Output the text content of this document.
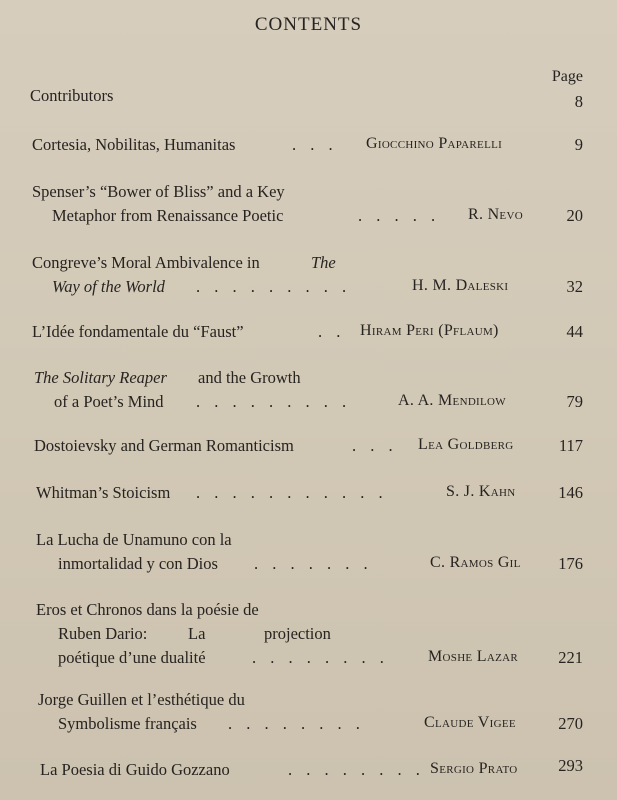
CONTENTS
Page
Contributors	8
Cortesia, Nobilitas, Humanitas	. . . Giocchino Paparelli	9
Spenser’s “Bower of Bliss” and a Key
Metaphor from Renaissance Poetic	. . . . . R. Nevo	20
Congreve’s Moral Ambivalence in	The
Way of the World . . . . . . . . .	H. M. Daleski	32
L’Idée fondamentale du “Faust”	. . Hiram Peri (Pflaum)	44
The Solitary Reaper and the Growth
of a Poet’s Mind . . . . . . . . .	A. A. Mendilow	79
Dostoievsky and German Romanticism	. . . Lea Goldberg	117
Whitman’s Stoicism . . . . . . . . . . .	S. J. Kahn	146
La Lucha de Unamuno con la
inmortalidad y con Dios . . . . . . .	C. Ramos Gil 176
Eros et Chronos dans la poésie de
Ruben Dario: La	projection
poétique d’une dualité	. . . . . . . . Moshe Lazar 221
Jorge Guillen et l’esthétique du
Symbolisme français . . . . . . . .	Claude Vigee	270
La Poesia di Guido Gozzano	. . . . . . . . Sergio Prato 293
